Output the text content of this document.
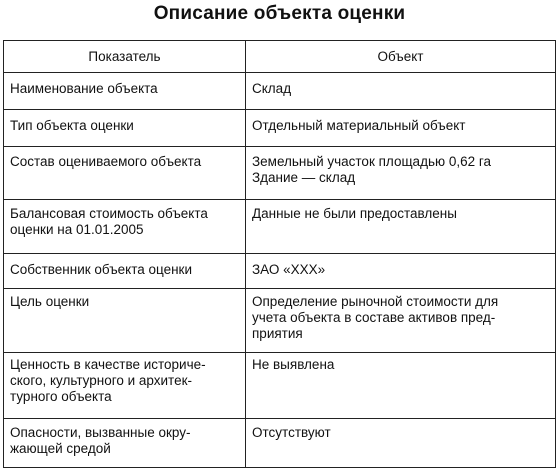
Описание объекта оценки
Показатель	Объект

Наименование объекта	Склад

Тип объекта оценки	Отдельный материальный объект

Состав оцениваемого объекта	Земельный участок площадью 0,62 га
Здание — склад

Балансовая стоимость объекта
оценки на 01.01.2005	Данные не были предоставлены

Собственник объекта оценки	ЗАО «XXX»

Цель оценки	Определение рыночной стоимости для
учета объекта в составе активов пред-
приятия

Ценность в качестве историче-
ского, культурного и архитек-
турного объекта	Не выявлена

Опасности, вызванные окру-
жающей средой	Отсутствуют
